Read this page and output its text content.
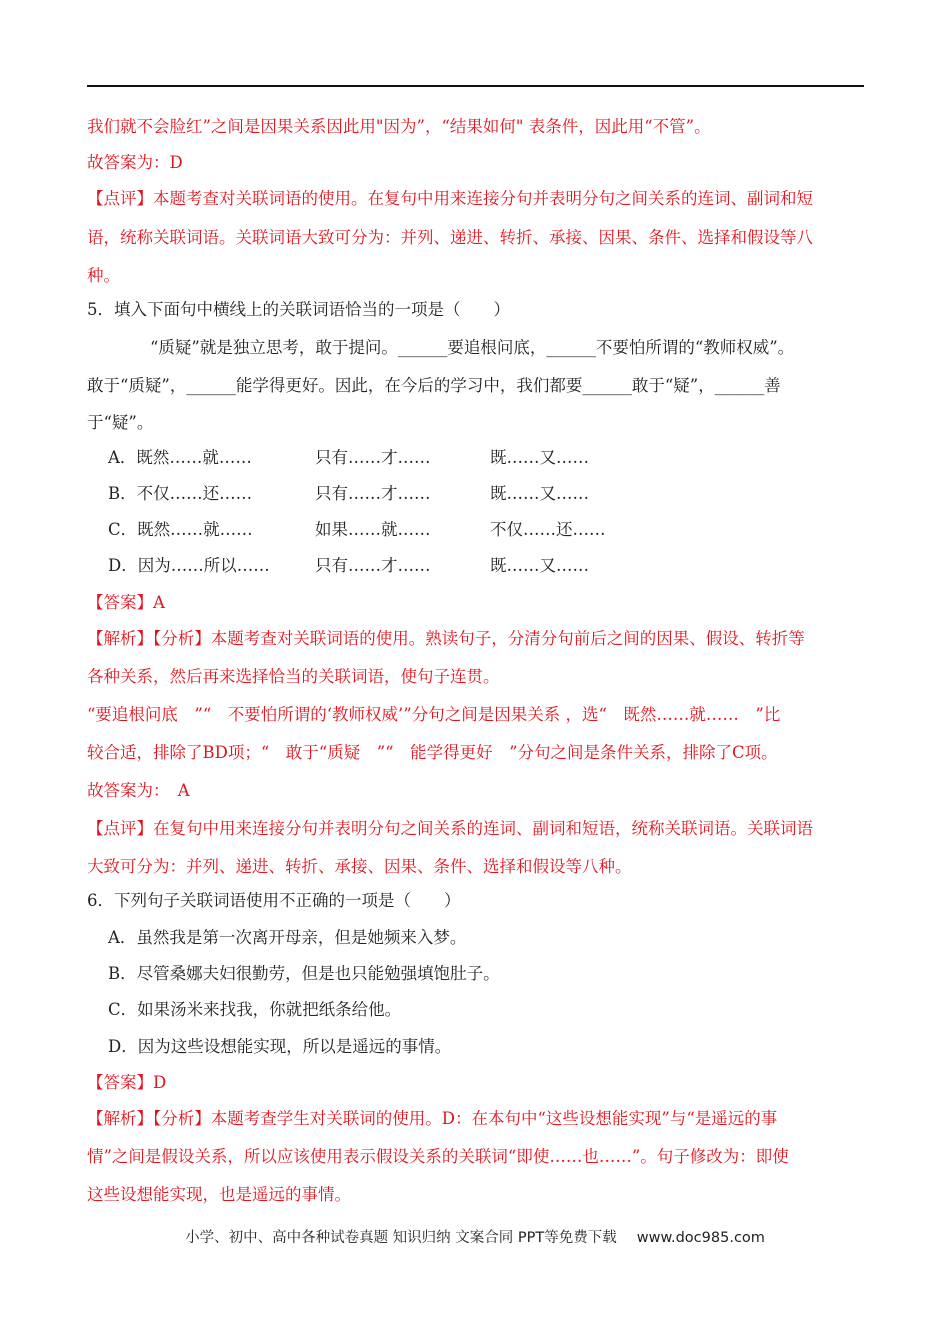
我们就不会脸红”之间是因果关系因此用"因为”，“结果如何" 表条件，因此用“不管”。
故答案为：D
【点评】本题考查对关联词语的使用。在复句中用来连接分句并表明分句之间关系的连词、副词和短
语，统称关联词语。关联词语大致可分为：并列、递进、转折、承接、因果、条件、选择和假设等八
种。
5．填入下面句中横线上的关联词语恰当的一项是（　　）
“质疑”就是独立思考，敢于提问。______要追根问底，______不要怕所谓的“教师权威”。
敢于“质疑”，______能学得更好。因此，在今后的学习中，我们都要______敢于“疑”，______善
于“疑”。
A．既然……就……	只有……才……	既……又……
B．不仅……还……	只有……才……	既……又……
C．既然……就……	如果……就……	不仅……还……
D．因为……所以……	只有……才……	既……又……
【答案】A
【解析】【分析】本题考查对关联词语的使用。熟读句子，分清分句前后之间的因果、假设、转折等
各种关系，然后再来选择恰当的关联词语，使句子连贯。
“要追根问底　”“　不要怕所谓的‘教师权威’”分句之间是因果关系 ，选“　既然……就……　”比
较合适，排除了BD项；“　敢于“质疑　”“　能学得更好　”分句之间是条件关系，排除了C项。
故答案为：　A
【点评】在复句中用来连接分句并表明分句之间关系的连词、副词和短语，统称关联词语。关联词语
大致可分为：并列、递进、转折、承接、因果、条件、选择和假设等八种。
6．下列句子关联词语使用不正确的一项是（　　）
A．虽然我是第一次离开母亲，但是她频来入梦。
B．尽管桑娜夫妇很勤劳，但是也只能勉强填饱肚子。
C．如果汤米来找我，你就把纸条给他。
D．因为这些设想能实现，所以是遥远的事情。
【答案】D
【解析】【分析】本题考查学生对关联词的使用。D：在本句中“这些设想能实现”与“是遥远的事
情”之间是假设关系，所以应该使用表示假设关系的关联词“即使……也……”。句子修改为：即使
这些设想能实现，也是遥远的事情。
小学、初中、高中各种试卷真题 知识归纳 文案合同 PPT等免费下载 www.doc985.com
